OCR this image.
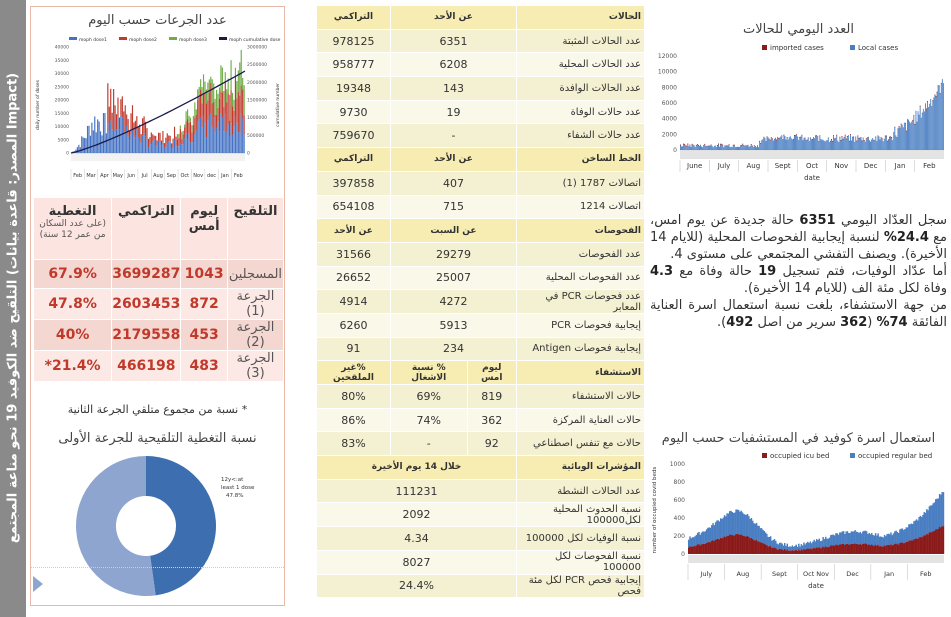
التلقيح ضد الكوفيد 19 نحو مناعة المجتمع (المصدر: قاعدة بيانات Impact)
عدد الجرعات حسب اليوم
moph dose1	moph dose2	moph dose3	moph cumulative dose
40000
35000
30000
25000
20000
15000
10000
5000
0
3000000
2500000
2000000
1500000
1000000
500000
0
daily number of doses	cumulative number
Feb Mar Apr May Jun Jul Aug Sep Oct Nov dec Jan Feb
التلقيح	ليوم أمس	التراكمي	التغطية
(على عدد السكان من عمر 12 سنة)

المسجلين	1043	3699287	67.9%
الجرعة (1)	872	2603453	47.8%
الجرعة (2)	453	2179558	40%
الجرعة (3)	483	466198	21.4%*
* نسبة من مجموع متلقي الجرعة الثانية
نسبة التغطية التلقيحية للجرعة الأولى
12y<:at
least 1 dose
47.8%
الحالات	عن الأحد		التراكمي
عدد الحالات المثبتة	6351		978125
عدد الحالات المحلية	6208		958777
عدد الحالات الوافدة	143		19348
عدد حالات الوفاة	19		9730
عدد حالات الشفاء	-		759670
الخط الساخن	عن الأحد		التراكمي
اتصالات 1787 (1)	407		397858
اتصالات 1214	715		654108
الفحوصات	عن السبت		عن الأحد
عدد الفحوصات	29279		31566
عدد الفحوصات المحلية	25007		26652
عدد فحوصات PCR في المعابر	4272		4914
إيجابية فحوصات PCR	5913		6260
إيجابية فحوصات Antigen	234		91
الاستشفاء	ليوم امس	% نسبة الاشغال	%غير الملقحين
حالات الاستشفاء	819	69%	80%
حالات العناية المركزة	362	74%	86%
حالات مع تنفس اصطناعي	92	-	83%
المؤشرات الوبائية	خلال 14 يوم الأخيرة		
عدد الحالات النشطة	111231		
نسبة الحدوث المحلية لكل100000	2092		
نسبة الوفيات لكل 100000	4.34		
نسبة الفحوصات لكل 100000	8027		
إيجابية فحص PCR لكل مئة فحص	24.4%		
العدد اليومي للحالات
imported cases	Local cases
12000
10000
8000
6000
4000
2000
0
June July Aug Sept Oct Nov Dec Jan	Feb
date

سجل العدّاد اليومي 6351 حالة جديدة عن يوم امس، مع 24.4% لنسبة إيجابية الفحوصات المحلية (للايام 14 الأخيرة). ويصنف التفشي المجتمعي على مستوى 4.

أما عدّاد الوفيات، فتم تسجيل 19 حالة وفاة مع 4.3 وفاة لكل مئة الف (للايام 14 الأخيرة).

من جهة الاستشفاء، بلغت نسبة استعمال اسرة العناية الفائقة 74% (362 سرير من اصل 492).

استعمال اسرة كوفيد في المستشفيات حسب اليوم
occupied icu bed	occupied regular bed
1000
800
600
400
200
0
number of occupied covid beds
July	Aug	Sept Oct Nov	Dec	Jan	Feb
date
